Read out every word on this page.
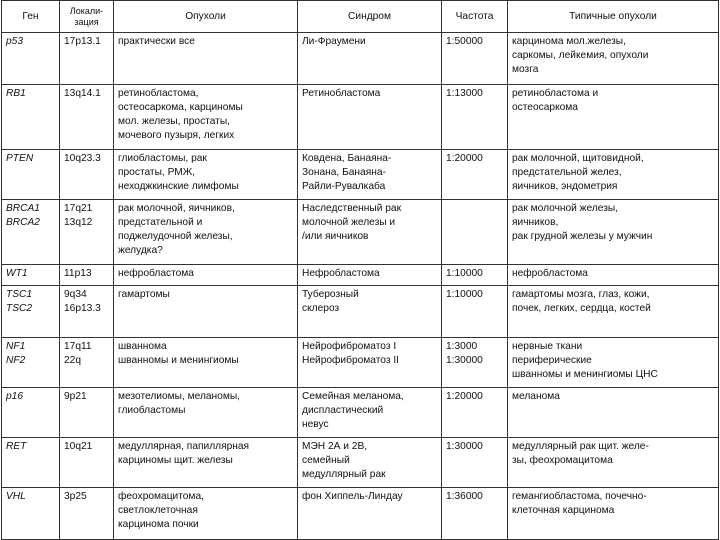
Ген	Локали-
зация	Опухоли	Синдром	Частота	Типичные опухоли
p53	17p13.1	практически все	Ли-Фраумени	1:50000	карцинома мол.железы,
саркомы, лейкемия, опухоли
мозга
RB1	13q14.1	ретинобластома,
остеосаркома, карциномы
мол. железы, простаты,
мочевого пузыря, легких	Ретинобластома	1:13000	ретинобластома и
остеосаркома
PTEN	10q23.3	глиобластомы, рак
простаты, РМЖ,
неходжкинские лимфомы	Ковдена, Банаяна-
Зонана, Банаяна-
Райли-Рувалкаба	1:20000	рак молочной, щитовидной,
предстательной желез,
яичников, эндометрия
BRCA1
BRCA2	17q21
13q12	рак молочной, яичников,
предстательной и
поджелудочной железы,
желудка?	Наследственный рак
молочной железы и
/или яичников		рак молочной железы,
яичников,
рак грудной железы у мужчин
WT1	11p13	нефробластома	Нефробластома	1:10000	нефробластома
TSC1
TSC2	9q34
16p13.3	гамартомы	Туберозный
склероз	1:10000	гамартомы мозга, глаз, кожи,
почек, легких, сердца, костей
NF1
NF2	17q11
22q	шваннома
шванномы и менингиомы	Нейрофиброматоз I
Нейрофиброматоз II	1:3000
1:30000	нервные ткани
периферические
шванномы и менингиомы ЦНС
p16	9p21	мезотелиомы, меланомы,
глиобластомы	Семейная меланома,
диспластический
невус	1:20000	меланома
RET	10q21	медуллярная, папиллярная
карциномы щит. железы	МЭН 2А и 2В,
семейный
медуллярный рак	1:30000	медуллярный рак щит. желе-
зы, феохромацитома
VHL	3p25	феохромацитома,
светлоклеточная
карцинома почки	фон Хиппель-Линдау	1:36000	гемангиобластома, почечно-
клеточная карцинома
